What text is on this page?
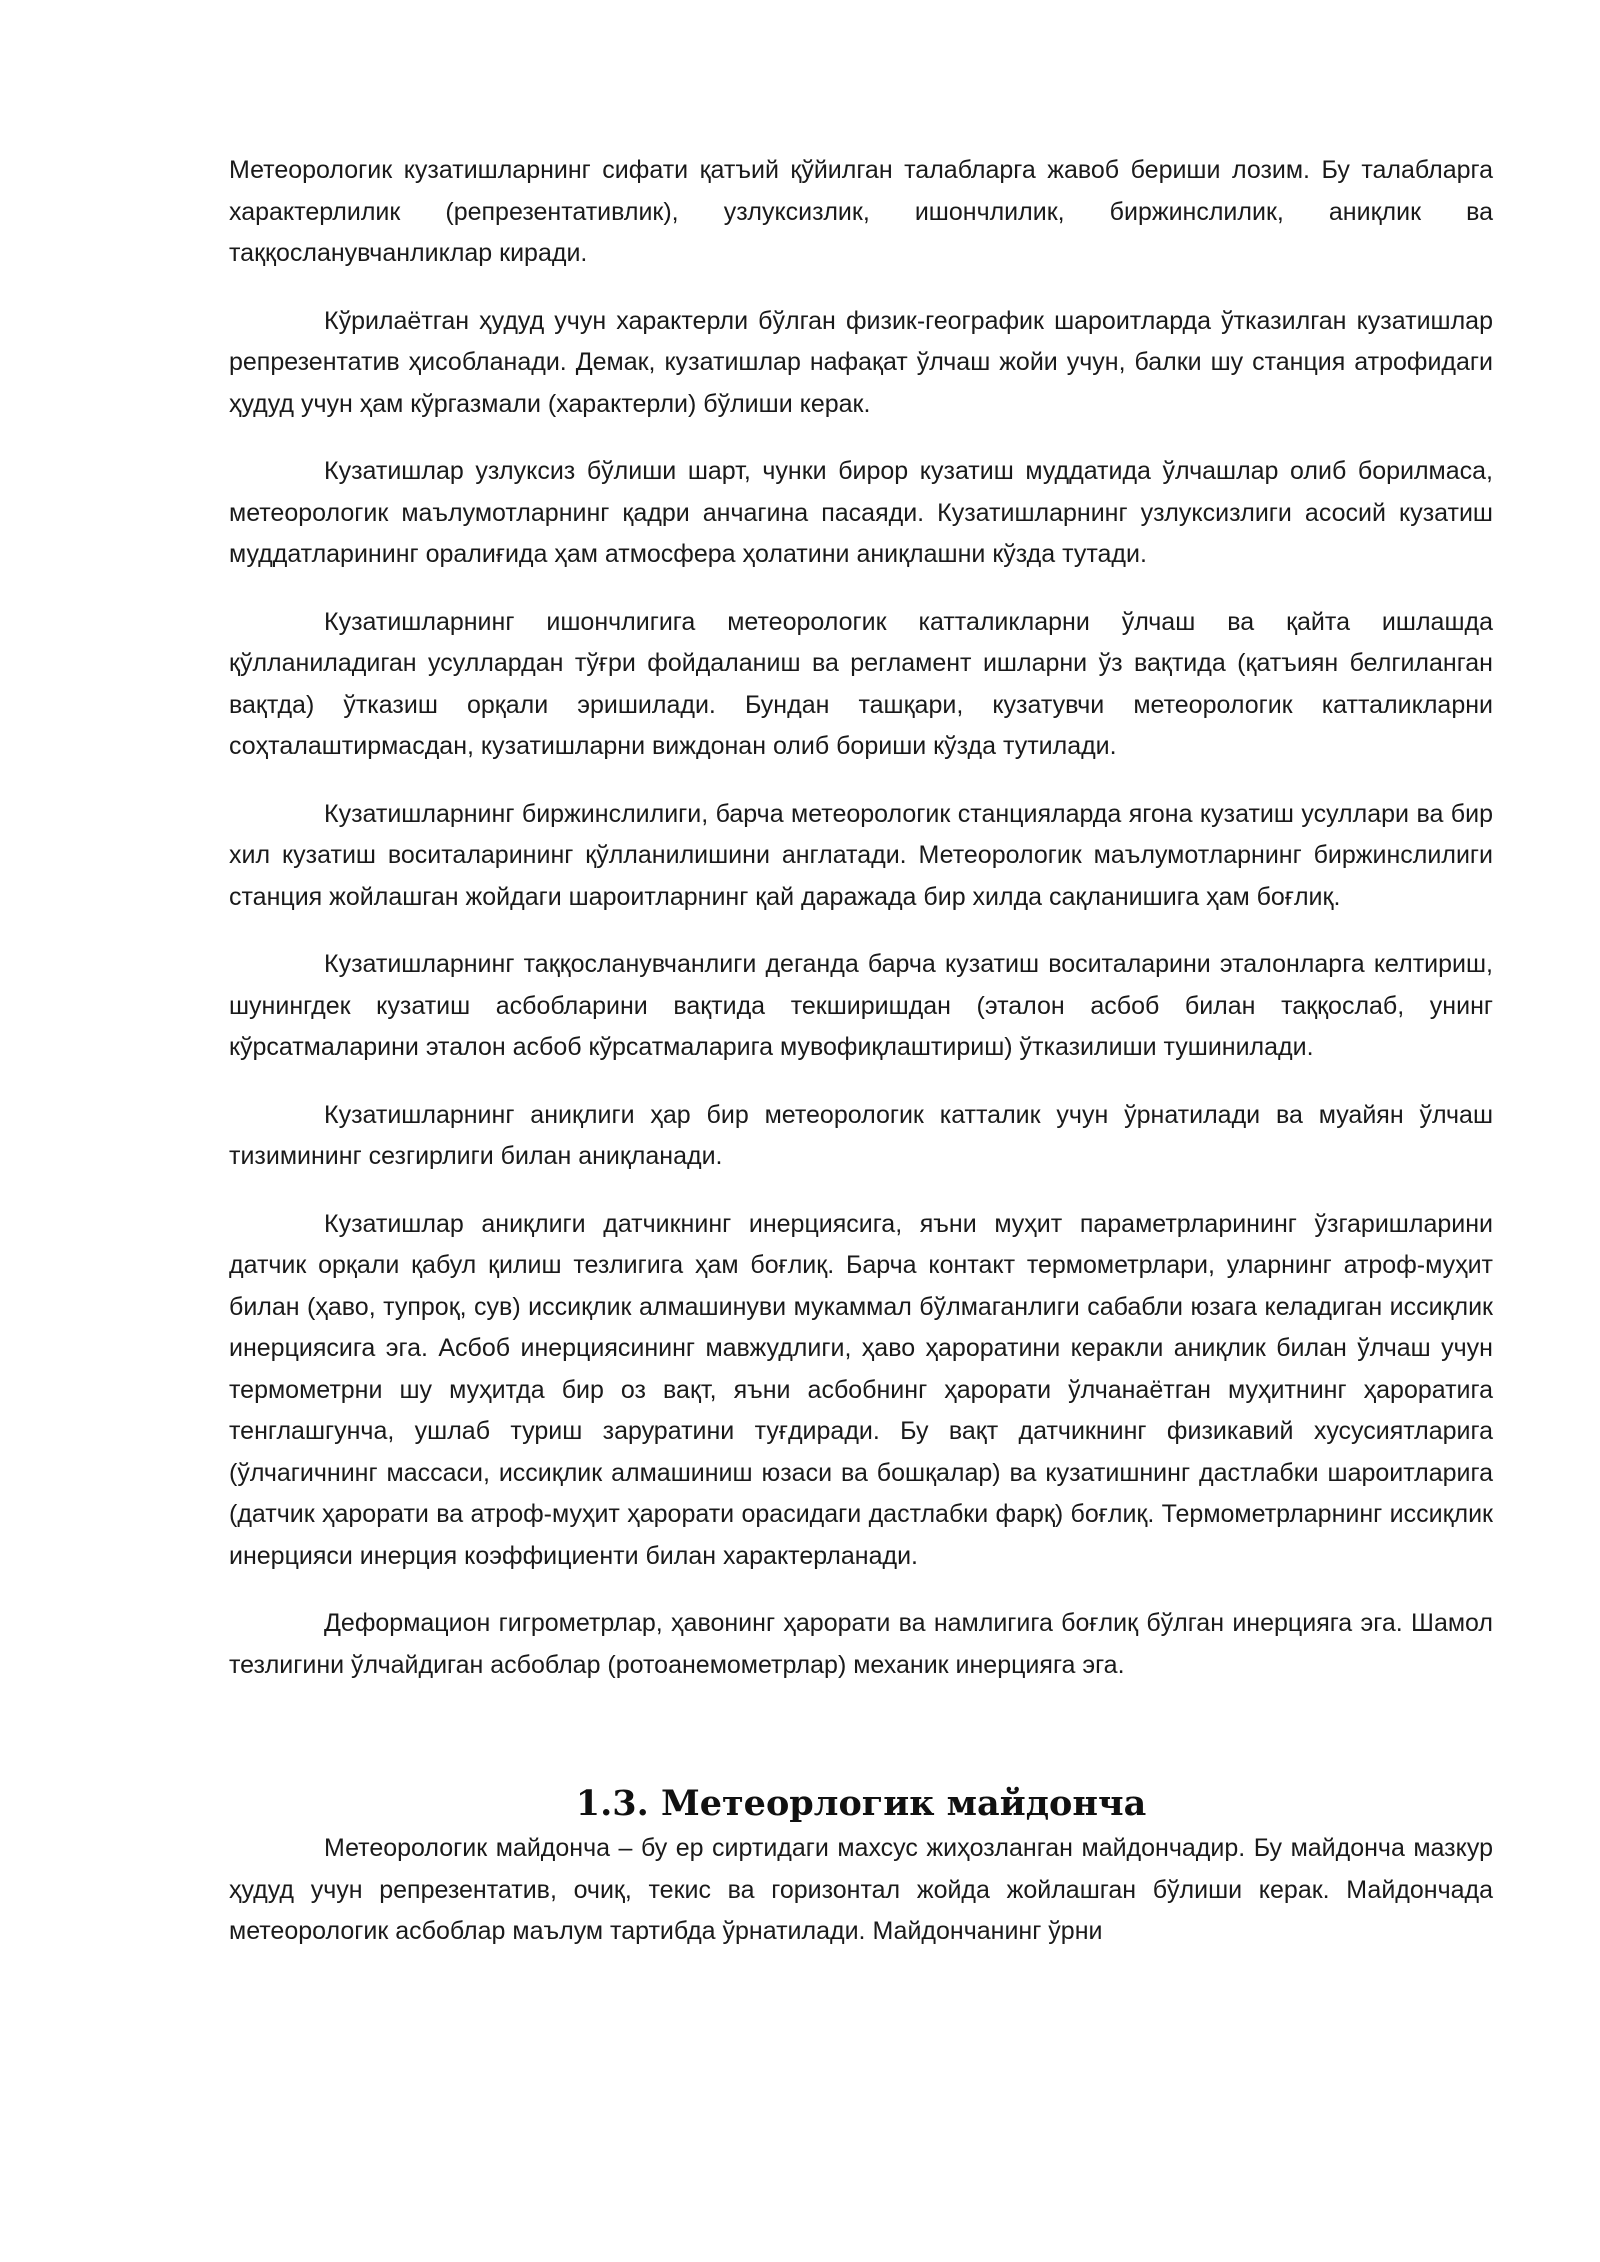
Метеорологик кузатишларнинг сифати қатъий қўйилган талабларга жавоб бериши лозим. Бу талабларга характерлилик (репрезентативлик), узлуксизлик, ишончлилик, биржинслилик, аниқлик ва таққосланувчанликлар киради.

Кўрилаётган ҳудуд учун характерли бўлган физик-географик шароитларда ўтказилган кузатишлар репрезентатив ҳисобланади. Демак, кузатишлар нафақат ўлчаш жойи учун, балки шу станция атрофидаги ҳудуд учун ҳам кўргазмали (характерли) бўлиши керак.

Кузатишлар узлуксиз бўлиши шарт, чунки бирор кузатиш муддатида ўлчашлар олиб борилмаса, метеорологик маълумотларнинг қадри анчагина пасаяди. Кузатишларнинг узлуксизлиги асосий кузатиш муддатларининг оралиғида ҳам атмосфера ҳолатини аниқлашни кўзда тутади.

Кузатишларнинг ишончлигига метеорологик катталикларни ўлчаш ва қайта ишлашда қўлланиладиган усуллардан тўғри фойдаланиш ва регламент ишларни ўз вақтида (қатъиян белгиланган вақтда) ўтказиш орқали эришилади. Бундан ташқари, кузатувчи метеорологик катталикларни соҳталаштирмасдан, кузатишларни виждонан олиб бориши кўзда тутилади.

Кузатишларнинг биржинслилиги, барча метеорологик станцияларда ягона кузатиш усуллари ва бир хил кузатиш воситаларининг қўлланилишини англатади. Метеорологик маълумотларнинг биржинслилиги станция жойлашган жойдаги шароитларнинг қай даражада бир хилда сақланишига ҳам боғлиқ.

Кузатишларнинг таққосланувчанлиги деганда барча кузатиш воситаларини эталонларга келтириш, шунингдек кузатиш асбобларини вақтида текширишдан (эталон асбоб билан таққослаб, унинг кўрсатмаларини эталон асбоб кўрсатмаларига мувофиқлаштириш) ўтказилиши тушинилади.

Кузатишларнинг аниқлиги ҳар бир метеорологик катталик учун ўрнатилади ва муайян ўлчаш тизимининг сезгирлиги билан аниқланади.

Кузатишлар аниқлиги датчикнинг инерциясига, яъни муҳит параметрларининг ўзгаришларини датчик орқали қабул қилиш тезлигига ҳам боғлиқ. Барча контакт термометрлари, уларнинг атроф-муҳит билан (ҳаво, тупроқ, сув) иссиқлик алмашинуви мукаммал бўлмаганлиги сабабли юзага келадиган иссиқлик инерциясига эга. Асбоб инерциясининг мавжудлиги, ҳаво ҳароратини керакли аниқлик билан ўлчаш учун термометрни шу муҳитда бир оз вақт, яъни асбобнинг ҳарорати ўлчанаётган муҳитнинг ҳароратига тенглашгунча, ушлаб туриш заруратини туғдиради. Бу вақт датчикнинг физикавий хусусиятларига (ўлчагичнинг массаси, иссиқлик алмашиниш юзаси ва бошқалар) ва кузатишнинг дастлабки шароитларига (датчик ҳарорати ва атроф-муҳит ҳарорати орасидаги дастлабки фарқ) боғлиқ. Термометрларнинг иссиқлик инерцияси инерция коэффициенти билан характерланади.

Деформацион гигрометрлар, ҳавонинг ҳарорати ва намлигига боғлиқ бўлган инерцияга эга. Шамол тезлигини ўлчайдиган асбоблар (ротоанемометрлар) механик инерцияга эга.

1.3. Метеорлогик майдонча

Метеорологик майдонча – бу ер сиртидаги махсус жиҳозланган майдончадир. Бу майдонча мазкур ҳудуд учун репрезентатив, очиқ, текис ва горизонтал жойда жойлашган бўлиши керак. Майдончада метеорологик асбоблар маълум тартибда ўрнатилади. Майдончанинг ўрни
